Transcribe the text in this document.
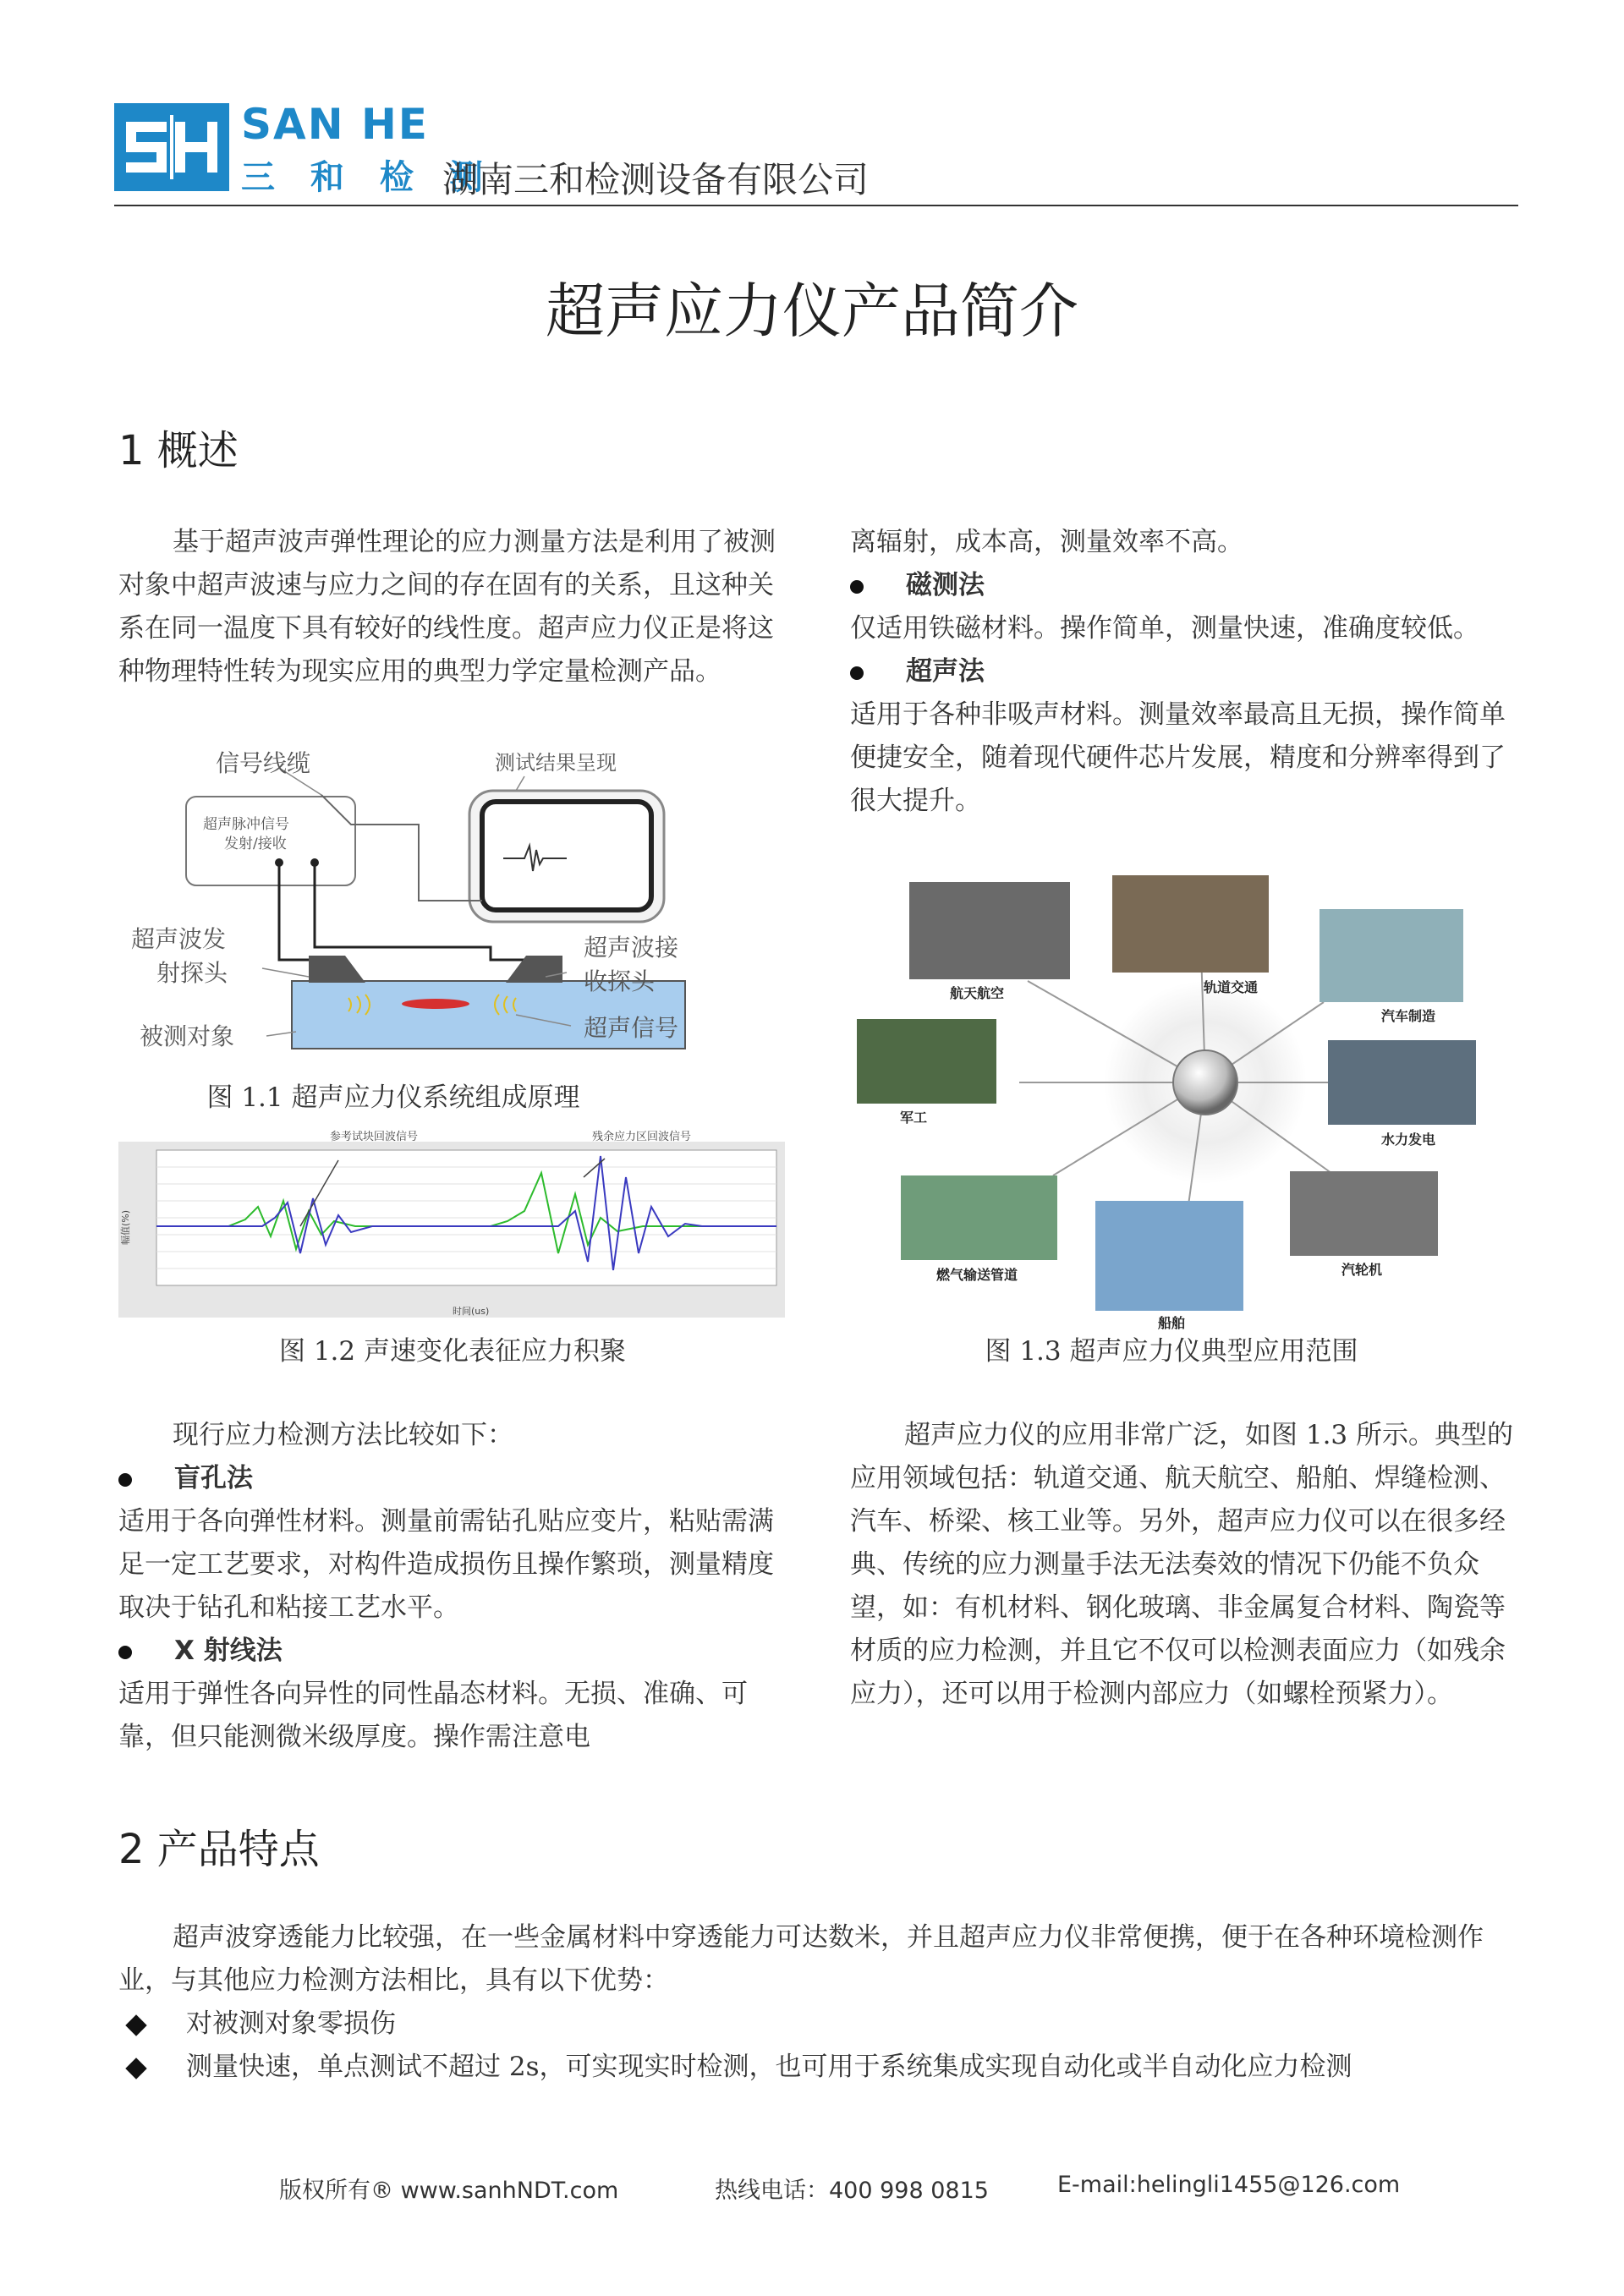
SAN HE
三 和 检 测
湖南三和检测设备有限公司
超声应力仪产品简介
1 概述

基于超声波声弹性理论的应力测量方法是利用了被测对象中超声波速与应力之间的存在固有的关系，且这种关系在同一温度下具有较好的线性度。超声应力仪正是将这种物理特性转为现实应用的典型力学定量检测产品。

信号线缆	测试结果呈现
超声脉冲信号
发射/接收
超声波发
射探头
超声波接
收探头
超声信号
被测对象
图 1.1 超声应力仪系统组成原理
参考试块回波信号	残余应力区回波信号
幅值(%)
时间(us)
图 1.2 声速变化表征应力积聚

现行应力检测方法比较如下：

盲孔法

适用于各向弹性材料。测量前需钻孔贴应变片，粘贴需满足一定工艺要求，对构件造成损伤且操作繁琐，测量精度取决于钻孔和粘接工艺水平。

X 射线法

适用于弹性各向异性的同性晶态材料。无损、准确、可靠，但只能测微米级厚度。操作需注意电

离辐射，成本高，测量效率不高。

磁测法

仅适用铁磁材料。操作简单，测量快速，准确度较低。

超声法

适用于各种非吸声材料。测量效率最高且无损，操作简单便捷安全，随着现代硬件芯片发展，精度和分辨率得到了很大提升。

航天航空	轨道交通
汽车制造
军工
水力发电
燃气输送管道
船舶
汽轮机
图 1.3 超声应力仪典型应用范围

超声应力仪的应用非常广泛，如图 1.3 所示。典型的应用领域包括：轨道交通、航天航空、船舶、焊缝检测、汽车、桥梁、核工业等。另外，超声应力仪可以在很多经典、传统的应力测量手法无法奏效的情况下仍能不负众望，如：有机材料、钢化玻璃、非金属复合材料、陶瓷等材质的应力检测，并且它不仅可以检测表面应力（如残余应力），还可以用于检测内部应力（如螺栓预紧力）。

2 产品特点

超声波穿透能力比较强，在一些金属材料中穿透能力可达数米，并且超声应力仪非常便携，便于在各种环境检测作业，与其他应力检测方法相比，具有以下优势：

对被测对象零损伤

测量快速，单点测试不超过 2s，可实现实时检测，也可用于系统集成实现自动化或半自动化应力检测

版权所有® www.sanhNDT.com	热线电话：400 998 0815	E-mail:helingli1455@126.com
